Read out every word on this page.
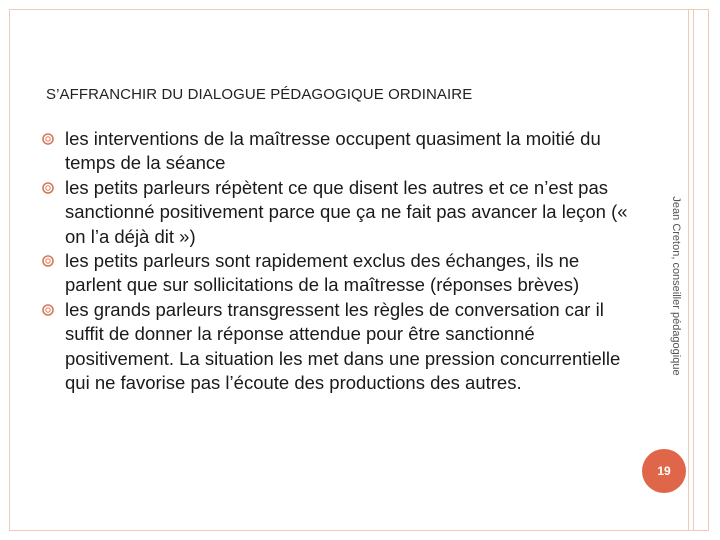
S’AFFRANCHIR DU DIALOGUE PÉDAGOGIQUE ORDINAIRE
les interventions de la maîtresse occupent quasiment la moitié du temps de la séance
les petits parleurs répètent ce que disent les autres et ce n’est pas sanctionné positivement parce que ça ne fait pas avancer la leçon (« on l’a déjà dit »)
les petits parleurs sont rapidement exclus des échanges, ils ne parlent que sur sollicitations de la maîtresse (réponses brèves)
les grands parleurs transgressent les règles de conversation car il suffit de donner la réponse attendue pour être sanctionné positivement. La situation les met dans une pression concurrentielle qui ne favorise pas l’écoute des productions des autres.
Jean Creton, conseiller pédagogique
19
